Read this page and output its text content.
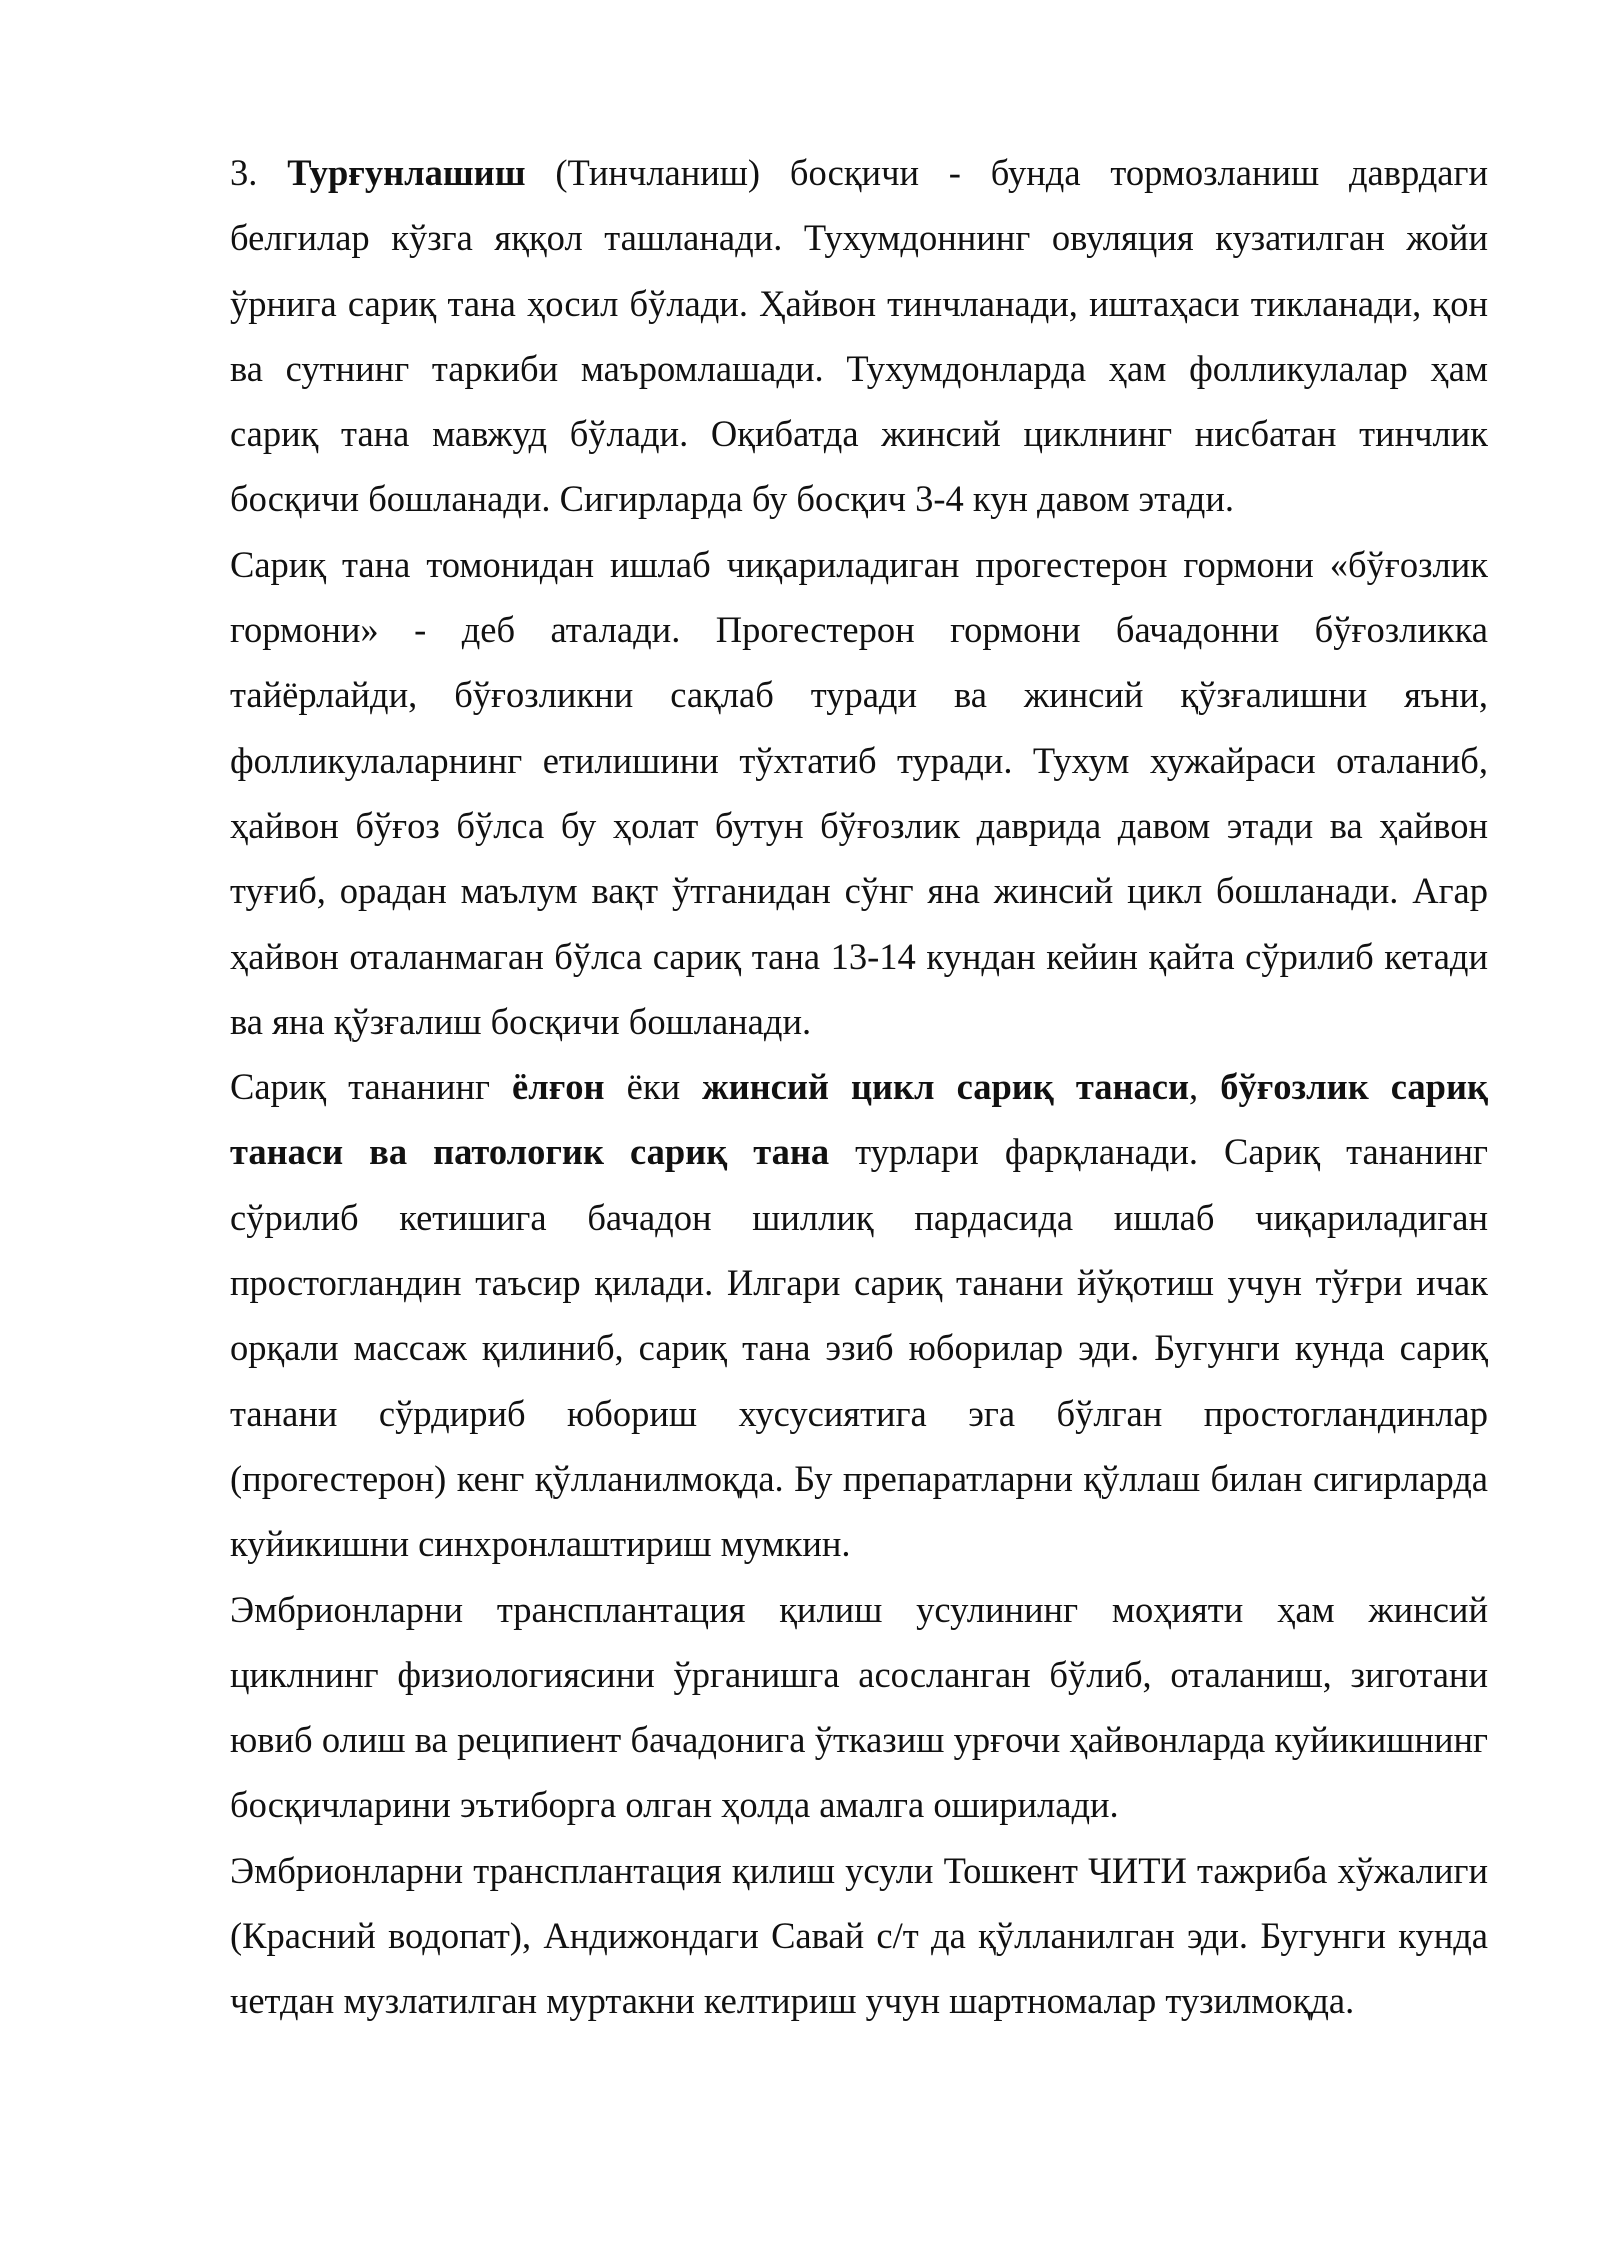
3. Турғунлашиш (Тинчланиш) босқичи - бунда тормозланиш даврдаги белгилар кўзга яққол ташланади. Тухумдоннинг овуляция кузатилган жойи ўрнига сариқ тана ҳосил бўлади. Ҳайвон тинчланади, иштаҳаси тикланади, қон ва сутнинг таркиби маъромлашади. Тухумдонларда ҳам фолликулалар ҳам сариқ тана мавжуд бўлади. Оқибатда жинсий циклнинг нисбатан тинчлик босқичи бошланади. Сигирларда бу босқич 3-4 кун давом этади.

Сариқ тана томонидан ишлаб чиқариладиган прогестерон гормони «бўғозлик гормони» - деб аталади. Прогестерон гормони бачадонни бўғозликка тайёрлайди, бўғозликни сақлаб туради ва жинсий қўзғалишни яъни, фолликулаларнинг етилишини тўхтатиб туради. Тухум хужайраси оталаниб, ҳайвон бўғоз бўлса бу ҳолат бутун бўғозлик даврида давом этади ва ҳайвон туғиб, орадан маълум вақт ўтганидан сўнг яна жинсий цикл бошланади. Агар ҳайвон оталанмаган бўлса сариқ тана 13-14 кундан кейин қайта сўрилиб кетади ва яна қўзғалиш босқичи бошланади.

Сариқ тананинг ёлғон ёки жинсий цикл сариқ танаси, бўғозлик сариқ танаси ва патологик сариқ тана турлари фарқланади. Сариқ тананинг сўрилиб кетишига бачадон шиллиқ пардасида ишлаб чиқариладиган простогландин таъсир қилади. Илгари сариқ танани йўқотиш учун тўғри ичак орқали массаж қилиниб, сариқ тана эзиб юборилар эди. Бугунги кунда сариқ танани сўрдириб юбориш хусусиятига эга бўлган простогландинлар (прогестерон) кенг қўлланилмоқда. Бу препаратларни қўллаш билан сигирларда куйикишни синхронлаштириш мумкин.

Эмбрионларни трансплантация қилиш усулининг моҳияти ҳам жинсий циклнинг физиологиясини ўрганишга асосланган бўлиб, оталаниш, зиготани ювиб олиш ва реципиент бачадонига ўтказиш урғочи ҳайвонларда куйикишнинг босқичларини эътиборга олган ҳолда амалга оширилади.

Эмбрионларни трансплантация қилиш усули Тошкент ЧИТИ тажриба хўжалиги (Красний водопат), Андижондаги Савай с/т да қўлланилган эди. Бугунги кунда четдан музлатилган муртакни келтириш учун шартномалар тузилмоқда.
